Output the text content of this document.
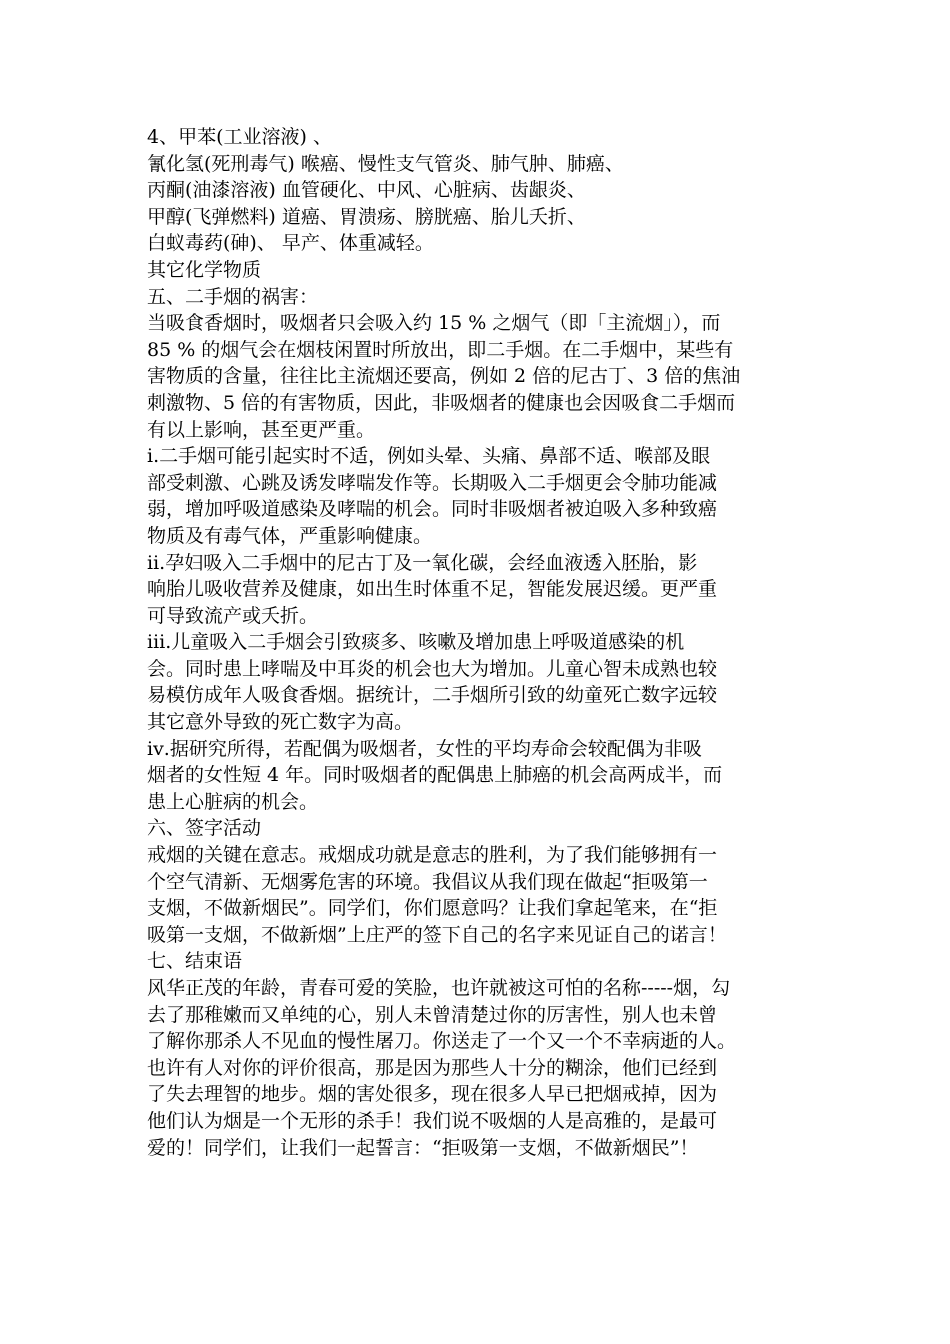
4、甲苯(工业溶液) 、
氰化氢(死刑毒气) 喉癌、慢性支气管炎、肺气肿、肺癌、
丙酮(油漆溶液) 血管硬化、中风、心脏病、齿龈炎、
甲醇(飞弹燃料) 道癌、胃溃疡、膀胱癌、胎儿夭折、
白蚁毒药(砷)、 早产、体重减轻。
其它化学物质
五、二手烟的祸害：
当吸食香烟时，吸烟者只会吸入约 15 % 之烟气（即「主流烟」），而
85 % 的烟气会在烟枝闲置时所放出，即二手烟。在二手烟中，某些有
害物质的含量，往往比主流烟还要高，例如 2 倍的尼古丁、3 倍的焦油
刺激物、5 倍的有害物质，因此，非吸烟者的健康也会因吸食二手烟而
有以上影响，甚至更严重。
ⅰ.二手烟可能引起实时不适，例如头晕、头痛、鼻部不适、喉部及眼
部受刺激、心跳及诱发哮喘发作等。长期吸入二手烟更会令肺功能减
弱，增加呼吸道感染及哮喘的机会。同时非吸烟者被迫吸入多种致癌
物质及有毒气体，严重影响健康。
ⅱ.孕妇吸入二手烟中的尼古丁及一氧化碳，会经血液透入胚胎，影
响胎儿吸收营养及健康，如出生时体重不足，智能发展迟缓。更严重
可导致流产或夭折。
ⅲ.儿童吸入二手烟会引致痰多、咳嗽及增加患上呼吸道感染的机
会。同时患上哮喘及中耳炎的机会也大为增加。儿童心智未成熟也较
易模仿成年人吸食香烟。据统计，二手烟所引致的幼童死亡数字远较
其它意外导致的死亡数字为高。
ⅳ.据研究所得，若配偶为吸烟者，女性的平均寿命会较配偶为非吸
烟者的女性短 4 年。同时吸烟者的配偶患上肺癌的机会高两成半，而
患上心脏病的机会。
六、签字活动
戒烟的关键在意志。戒烟成功就是意志的胜利，为了我们能够拥有一
个空气清新、无烟雾危害的环境。我倡议从我们现在做起“拒吸第一
支烟，不做新烟民”。同学们，你们愿意吗？让我们拿起笔来，在“拒
吸第一支烟，不做新烟”上庄严的签下自己的名字来见证自己的诺言！
七、结束语
风华正茂的年龄，青春可爱的笑脸，也许就被这可怕的名称-----烟，勾
去了那稚嫩而又单纯的心，别人未曾清楚过你的厉害性，别人也未曾
了解你那杀人不见血的慢性屠刀。你送走了一个又一个不幸病逝的人。
也许有人对你的评价很高，那是因为那些人十分的糊涂，他们已经到
了失去理智的地步。烟的害处很多，现在很多人早已把烟戒掉，因为
他们认为烟是一个无形的杀手！我们说不吸烟的人是高雅的，是最可
爱的！同学们，让我们一起誓言：“拒吸第一支烟，不做新烟民”！
